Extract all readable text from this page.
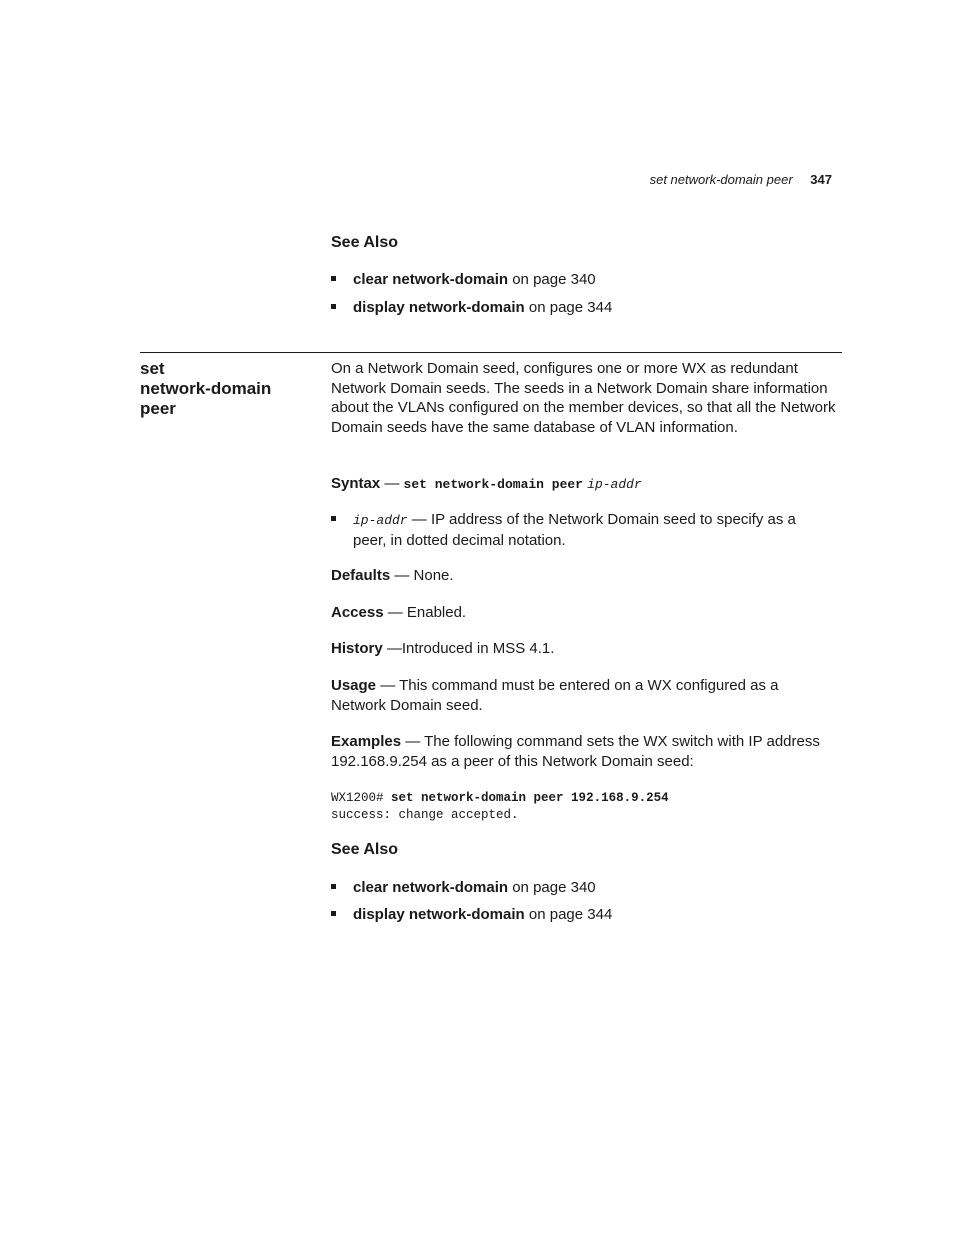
set network-domain peer 347
See Also
clear network-domain on page 340
display network-domain on page 344
set
network-domain
peer
On a Network Domain seed, configures one or more WX as redundant Network Domain seeds. The seeds in a Network Domain share information about the VLANs configured on the member devices, so that all the Network Domain seeds have the same database of VLAN information.
Syntax — set network-domain peer ip-addr
ip-addr — IP address of the Network Domain seed to specify as a peer, in dotted decimal notation.
Defaults — None.
Access — Enabled.
History —Introduced in MSS 4.1.
Usage — This command must be entered on a WX configured as a Network Domain seed.
Examples — The following command sets the WX switch with IP address 192.168.9.254 as a peer of this Network Domain seed:
WX1200# set network-domain peer 192.168.9.254
success: change accepted.
See Also
clear network-domain on page 340
display network-domain on page 344
